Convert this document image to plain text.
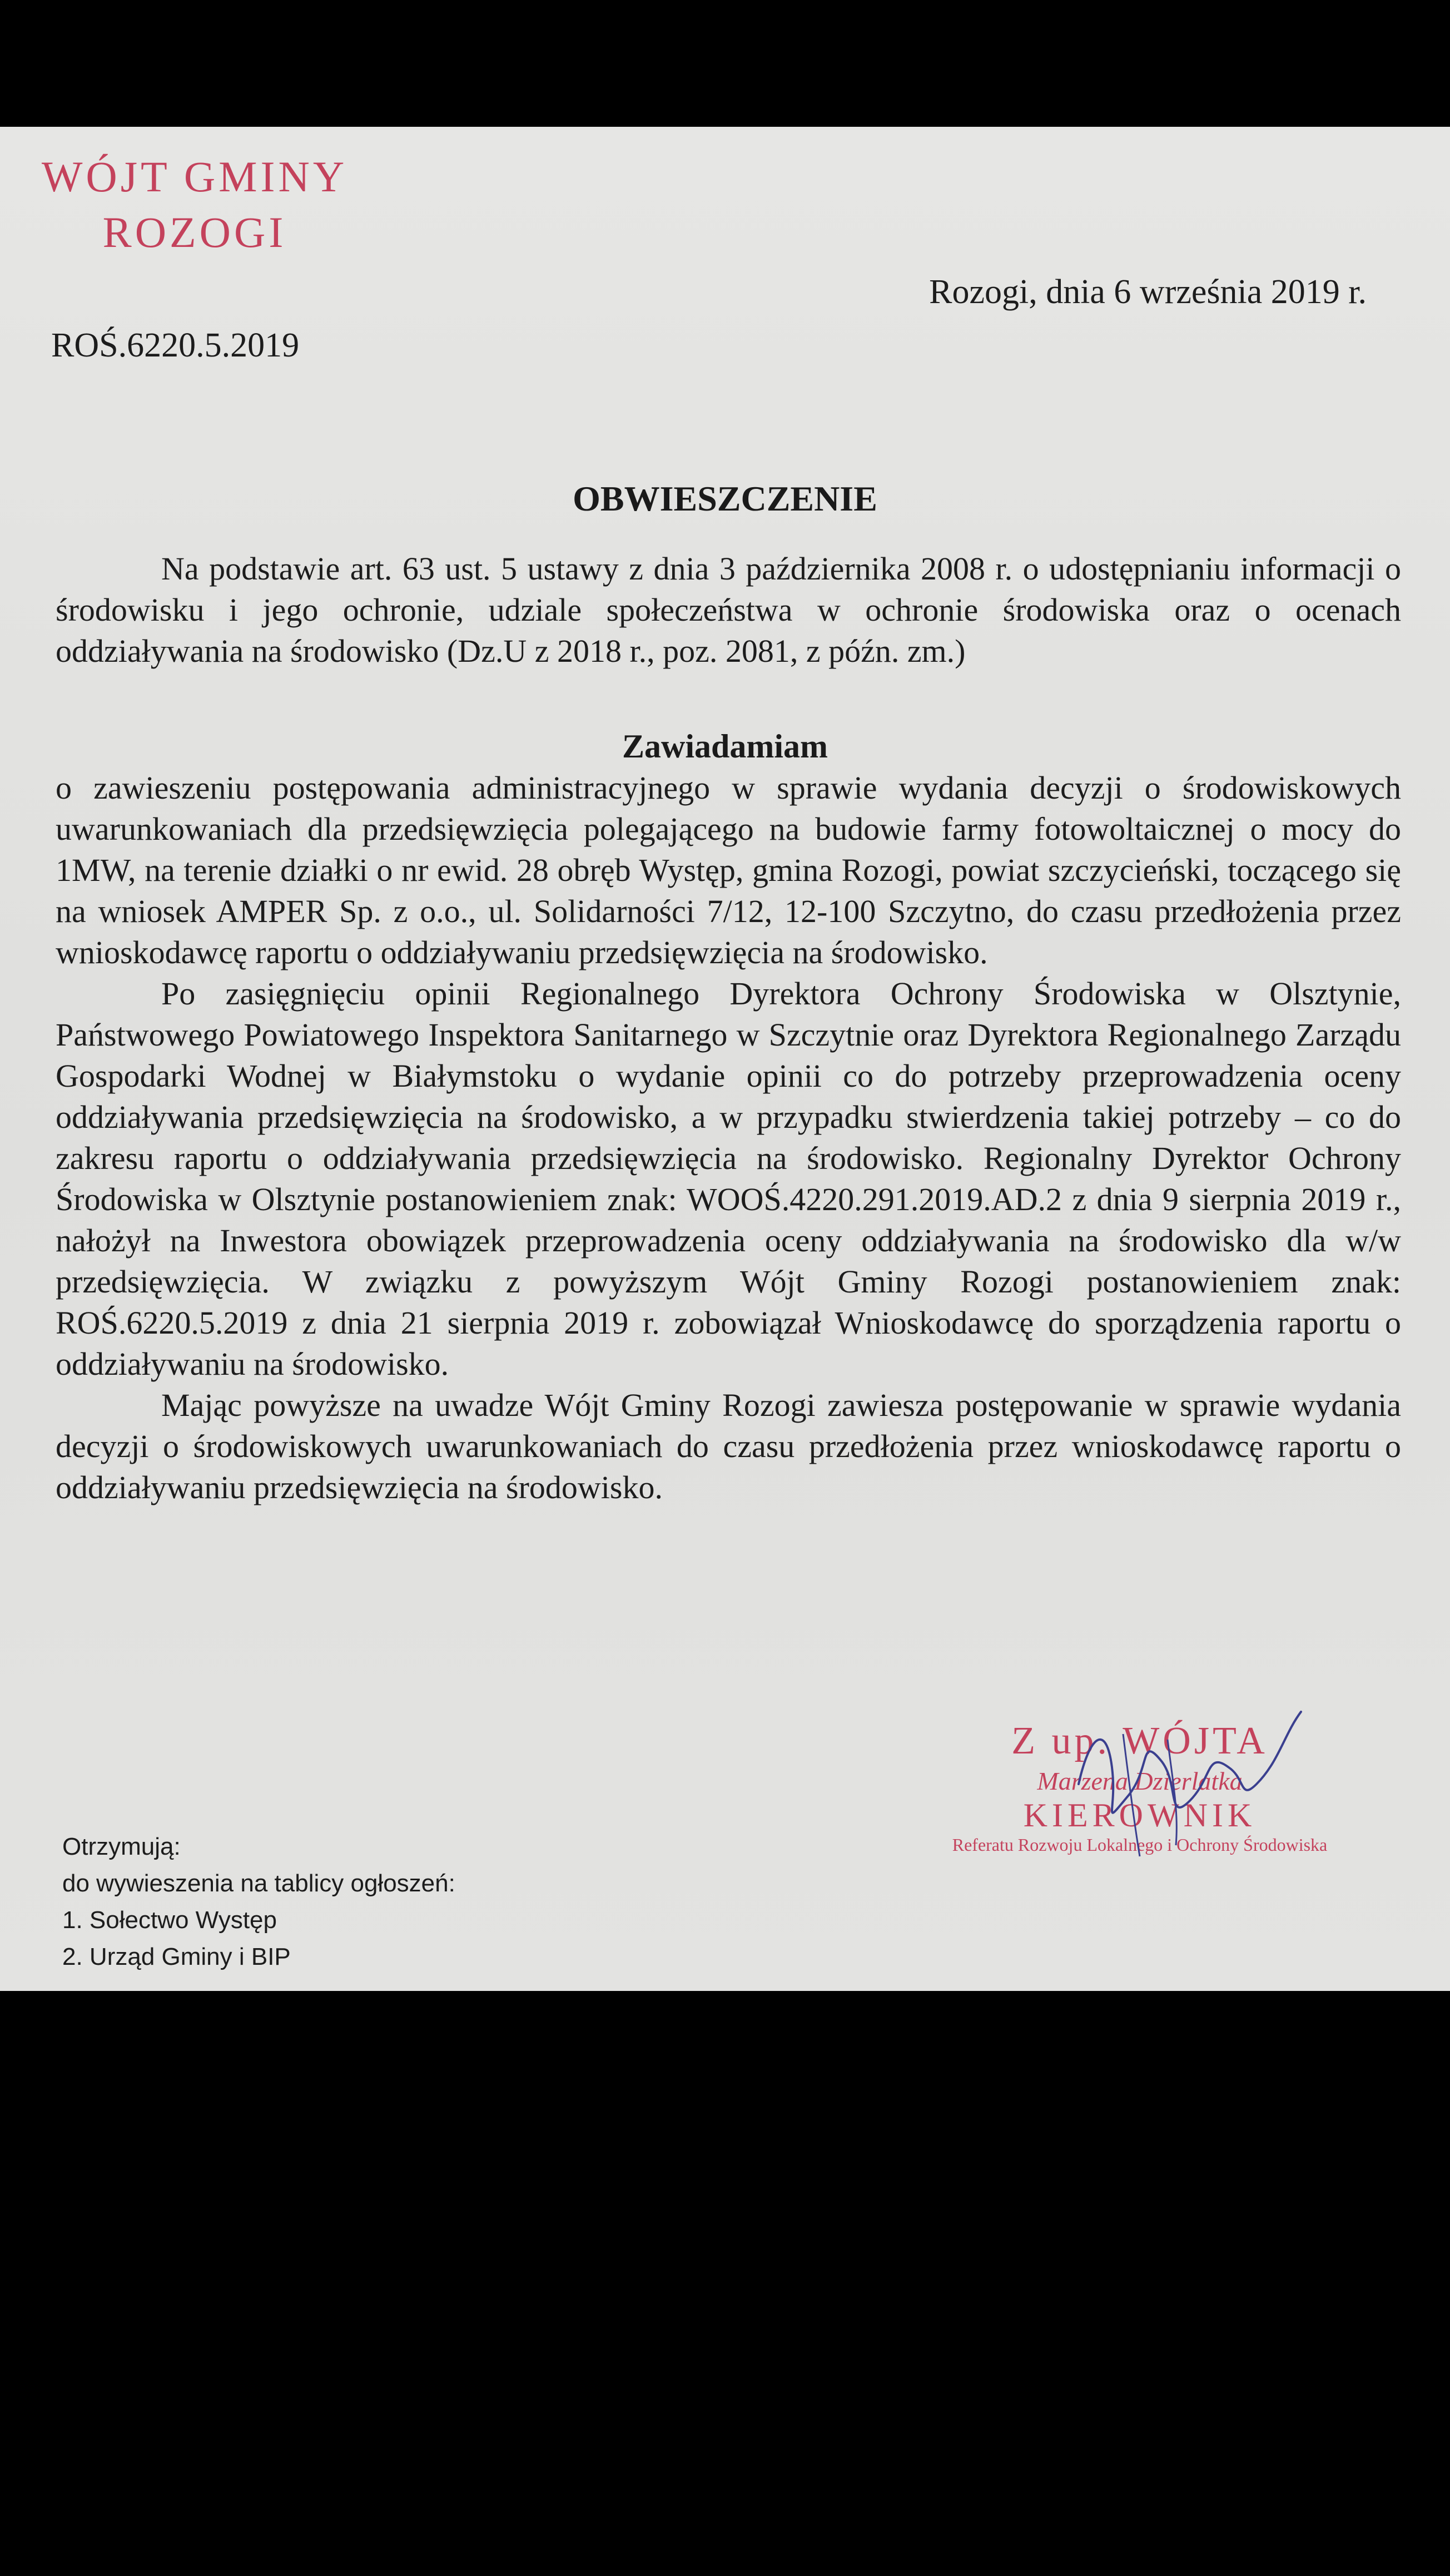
WÓJT GMINY
ROZOGI
Rozogi, dnia 6 września 2019 r.
ROŚ.6220.5.2019
OBWIESZCZENIE

Na podstawie art. 63 ust. 5 ustawy z dnia 3 października 2008 r. o udostępnianiu informacji o środowisku i jego ochronie, udziale społeczeństwa w ochronie środowiska oraz o ocenach oddziaływania na środowisko (Dz.U z 2018 r., poz. 2081, z późn. zm.)

Zawiadamiam

o zawieszeniu postępowania administracyjnego w sprawie wydania decyzji o środowiskowych uwarunkowaniach dla przedsięwzięcia polegającego na budowie farmy fotowoltaicznej o mocy do 1MW, na terenie działki o nr ewid. 28 obręb Występ, gmina Rozogi, powiat szczycieński, toczącego się na wniosek AMPER Sp. z o.o., ul. Solidarności 7/12, 12-100 Szczytno, do czasu przedłożenia przez wnioskodawcę raportu o oddziaływaniu przedsięwzięcia na środowisko.

Po zasięgnięciu opinii Regionalnego Dyrektora Ochrony Środowiska w Olsztynie, Państwowego Powiatowego Inspektora Sanitarnego w Szczytnie oraz Dyrektora Regionalnego Zarządu Gospodarki Wodnej w Białymstoku o wydanie opinii co do potrzeby przeprowadzenia oceny oddziaływania przedsięwzięcia na środowisko, a w przypadku stwierdzenia takiej potrzeby – co do zakresu raportu o oddziaływania przedsięwzięcia na środowisko. Regionalny Dyrektor Ochrony Środowiska w Olsztynie postanowieniem znak: WOOŚ.4220.291.2019.AD.2 z dnia 9 sierpnia 2019 r., nałożył na Inwestora obowiązek przeprowadzenia oceny oddziaływania na środowisko dla w/w przedsięwzięcia. W związku z powyższym Wójt Gminy Rozogi postanowieniem znak: ROŚ.6220.5.2019 z dnia 21 sierpnia 2019 r. zobowiązał Wnioskodawcę do sporządzenia raportu o oddziaływaniu na środowisko.

Mając powyższe na uwadze Wójt Gminy Rozogi zawiesza postępowanie w sprawie wydania decyzji o środowiskowych uwarunkowaniach do czasu przedłożenia przez wnioskodawcę raportu o oddziaływaniu przedsięwzięcia na środowisko.

Z up. WÓJTA
Marzena Dzierlatka
KIEROWNIK
Referatu Rozwoju Lokalnego i Ochrony Środowiska
Otrzymują:
do wywieszenia na tablicy ogłoszeń:
1. Sołectwo Występ
2. Urząd Gminy i BIP
